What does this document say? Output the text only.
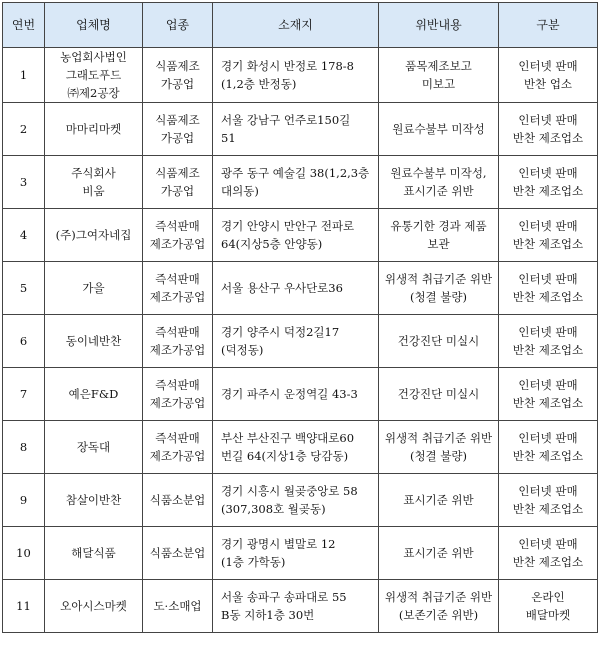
연번	업체명	업종	소재지	위반내용	구분
1	농업회사법인
그래도푸드
㈜제2공장	식품제조
가공업	경기 화성시 반정로 178-8
(1,2층 반정동)	품목제조보고
미보고	인터넷 판매
반찬 업소

2	마마리마켓	식품제조
가공업	서울 강남구 언주로150길
51	원료수불부 미작성	인터넷 판매
반찬 제조업소

3	주식회사
비움	식품제조
가공업	광주 동구 예술길 38(1,2,3층
대의동)	원료수불부 미작성,
표시기준 위반	인터넷 판매
반찬 제조업소

4	(주)그여자네집	즉석판매
제조가공업	경기 안양시 만안구 전파로
64(지상5층 안양동)	유통기한 경과 제품
보관	인터넷 판매
반찬 제조업소

5	가을	즉석판매
제조가공업	서울 용산구 우사단로36	위생적 취급기준 위반
(청결 불량)	인터넷 판매
반찬 제조업소

6	동이네반찬	즉석판매
제조가공업	경기 양주시 덕정2길17
(덕정동)	건강진단 미실시	인터넷 판매
반찬 제조업소

7	예은F&D	즉석판매
제조가공업	경기 파주시 운정역길 43-3	건강진단 미실시	인터넷 판매
반찬 제조업소

8	장독대	즉석판매
제조가공업	부산 부산진구 백양대로60
번길 64(지상1층 당감동)	위생적 취급기준 위반
(청결 불량)	인터넷 판매
반찬 제조업소

9	참살이반찬	식품소분업	경기 시흥시 월곶중앙로 58
(307,308호 월곶동)	표시기준 위반	인터넷 판매
반찬 제조업소

10	해달식품	식품소분업	경기 광명시 별말로 12
(1층 가학동)	표시기준 위반	인터넷 판매
반찬 제조업소

11	오아시스마켓	도·소매업	서울 송파구 송파대로 55
B동 지하1층 30번	위생적 취급기준 위반
(보존기준 위반)	온라인
배달마켓
